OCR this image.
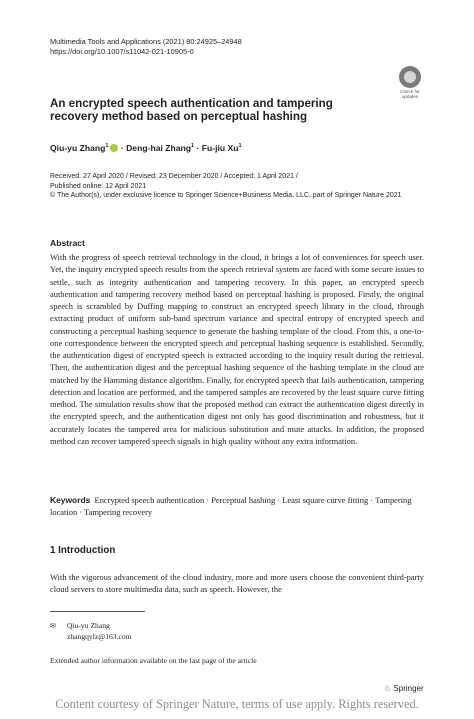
Multimedia Tools and Applications (2021) 80:24925–24948
https://doi.org/10.1007/s11042-021-10905-0
Check for
updates
An encrypted speech authentication and tampering recovery method based on perceptual hashing
Qiu-yu Zhang$^1$ · Deng-hai Zhang$^1$ · Fu-jiu Xu$^1$
Received: 27 April 2020 / Revised: 23 December 2020 / Accepted: 1 April 2021 /
Published online: 12 April 2021
© The Author(s), under exclusive licence to Springer Science+Business Media, LLC, part of Springer Nature 2021
Abstract

With the progress of speech retrieval technology in the cloud, it brings a lot of conveniences for speech user. Yet, the inquiry encrypted speech results from the speech retrieval system are faced with some secure issues to settle, such as integrity authentication and tampering recovery. In this paper, an encrypted speech authentication and tampering recovery method based on perceptual hashing is proposed. Firstly, the original speech is scrambled by Duffing mapping to construct an encrypted speech library in the cloud, through extracting product of uniform sub-band spectrum variance and spectral entropy of encrypted speech and constructing a perceptual hashing sequence to generate the hashing template of the cloud. From this, a one-to-one correspondence between the encrypted speech and perceptual hashing sequence is established. Secondly, the authentication digest of encrypted speech is extracted according to the inquiry result during the retrieval. Then, the authentication digest and the perceptual hashing sequence of the hashing template in the cloud are matched by the Hamming distance algorithm. Finally, for encrypted speech that fails authentication, tampering detection and location are performed, and the tampered samples are recovered by the least square curve fitting method. The simulation results show that the proposed method can extract the authentication digest directly in the encrypted speech, and the authentication digest not only has good discrimination and robustness, but it accurately locates the tampered area for malicious substitution and mute attacks. In addition, the proposed method can recover tampered speech signals in high quality without any extra information.

Keywords Encrypted speech authentication · Perceptual hashing · Least square curve fitting · Tampering location · Tampering recovery
1 Introduction

With the vigorous advancement of the cloud industry, more and more users choose the convenient third-party cloud servers to store multimedia data, such as speech. However, the

✉ Qiu-yu Zhang
zhangqylz@163.com
Extended author information available on the last page of the article
♘ Springer
Content courtesy of Springer Nature, terms of use apply. Rights reserved.
